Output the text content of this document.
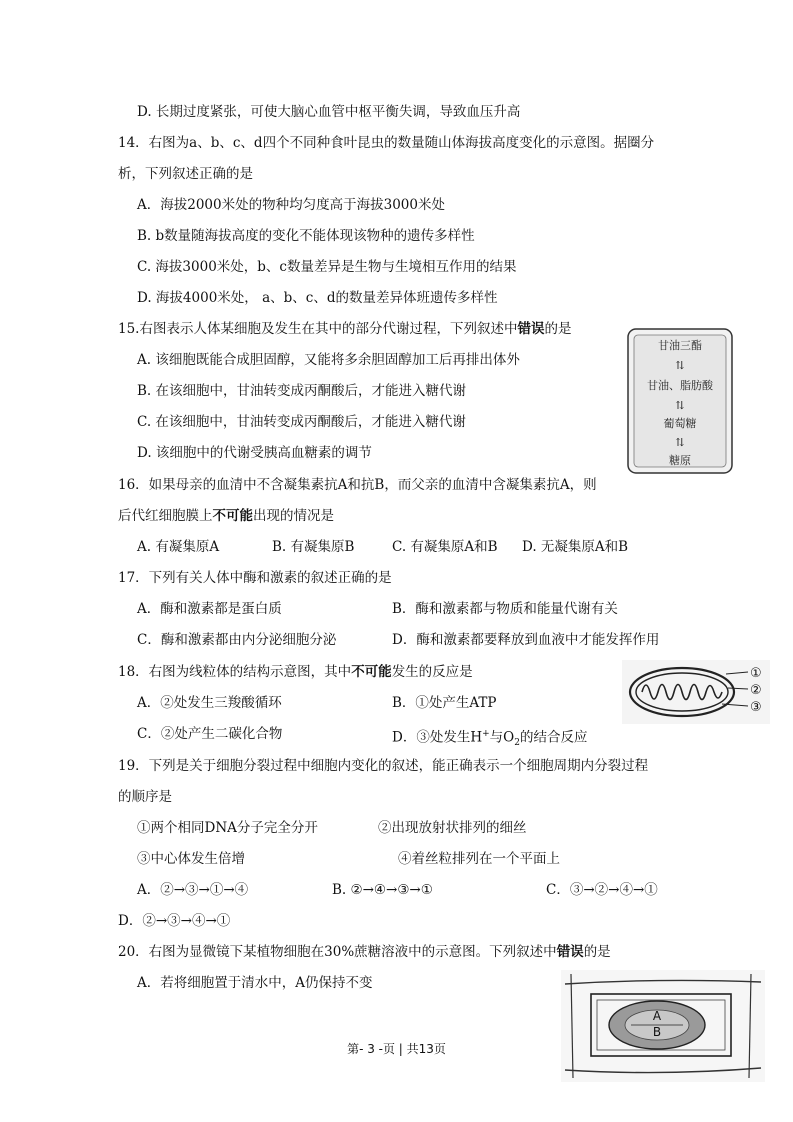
D. 长期过度紧张，可使大脑心血管中枢平衡失调，导致血压升高
14．右图为a、b、c、d四个不同种食叶昆虫的数量随山体海拔高度变化的示意图。据圈分
析，下列叙述正确的是
A．海拔2000米处的物种均匀度高于海拔3000米处
B. b数量随海拔高度的变化不能体现该物种的遗传多样性
C. 海拔3000米处，b、c数量差异是生物与生境相互作用的结果
D. 海拔4000米处， a、b、c、d的数量差异体班遗传多样性
15.右图表示人体某细胞及发生在其中的部分代谢过程，下列叙述中错误的是
A. 该细胞既能合成胆固醇，又能将多余胆固醇加工后再排出体外
B. 在该细胞中，甘油转变成丙酮酸后，才能进入糖代谢
C. 在该细胞中，甘油转变成丙酮酸后，才能进入糖代谢
D. 该细胞中的代谢受胰高血糖素的调节
甘油三酯
⇅
甘油、脂肪酸
⇅
葡萄糖
⇅
糖原
16．如果母亲的血清中不含凝集素抗A和抗B，而父亲的血清中含凝集素抗A，则
后代红细胞膜上不可能出现的情况是
A. 有凝集原A	B. 有凝集原B	C. 有凝集原A和B D. 无凝集原A和B
17．下列有关人体中酶和激素的叙述正确的是
A．酶和激素都是蛋白质	B．酶和激素都与物质和能量代谢有关
C．酶和激素都由内分泌细胞分泌	D．酶和激素都要释放到血液中才能发挥作用
18．右图为线粒体的结构示意图，其中不可能发生的反应是
A．②处发生三羧酸循环	B．①处产生ATP
C．②处产生二碳化合物	D．③处发生H+与$O_2$的结合反应
①
②
③
19．下列是关于细胞分裂过程中细胞内变化的叙述，能正确表示一个细胞周期内分裂过程
的顺序是
①两个相同DNA分子完全分开	②出现放射状排列的细丝
③中心体发生倍增	④着丝粒排列在一个平面上
A．②→③→①→④	B. ②→④→③→①	C．③→②→④→①
D．②→③→④→①
20．右图为显微镜下某植物细胞在30%蔗糖溶液中的示意图。下列叙述中错误的是
A．若将细胞置于清水中，A仍保持不变
A
B
第- 3 -页 | 共13页
